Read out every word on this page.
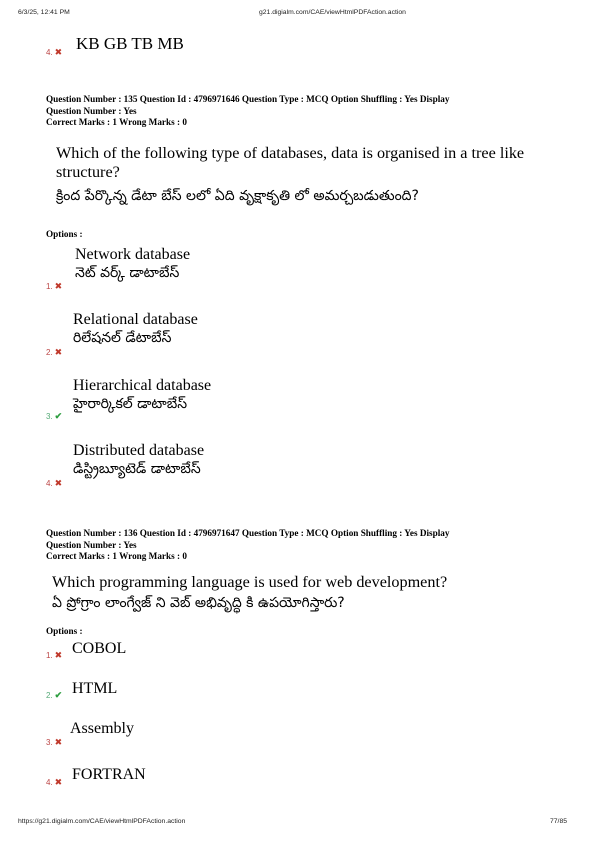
6/3/25, 12:41 PM	g21.digialm.com/CAE/viewHtmlPDFAction.action
4. ✖ KB GB TB MB
Question Number : 135 Question Id : 4796971646 Question Type : MCQ Option Shuffling : Yes Display
Question Number : Yes
Correct Marks : 1 Wrong Marks : 0
Which of the following type of databases, data is organised in a tree like structure?
క్రింద పేర్కొన్న డేటా బేస్ లలో ఏది వృక్షాకృతి లో అమర్చబడుతుంది?
Options :
Network database
నెట్ వర్క్ డాటాబేస్
1. ✖
Relational database
రిలేషనల్ డేటాబేస్
2. ✖
Hierarchical database
హైరార్కికల్ డాటాబేస్
3. ✔
Distributed database
డిస్ట్రిబ్యూటెడ్ డాటాబేస్
4. ✖
Question Number : 136 Question Id : 4796971647 Question Type : MCQ Option Shuffling : Yes Display
Question Number : Yes
Correct Marks : 1 Wrong Marks : 0
Which programming language is used for web development?
ఏ ప్రోగ్రాం లాంగ్వేజ్ ని వెబ్ అభివృద్ధి కి ఉపయోగిస్తారు?
Options :
1. ✖ COBOL
2. ✔ HTML
3. ✖
Assembly
4. ✖ FORTRAN
https://g21.digialm.com/CAE/viewHtmlPDFAction.action	77/85
